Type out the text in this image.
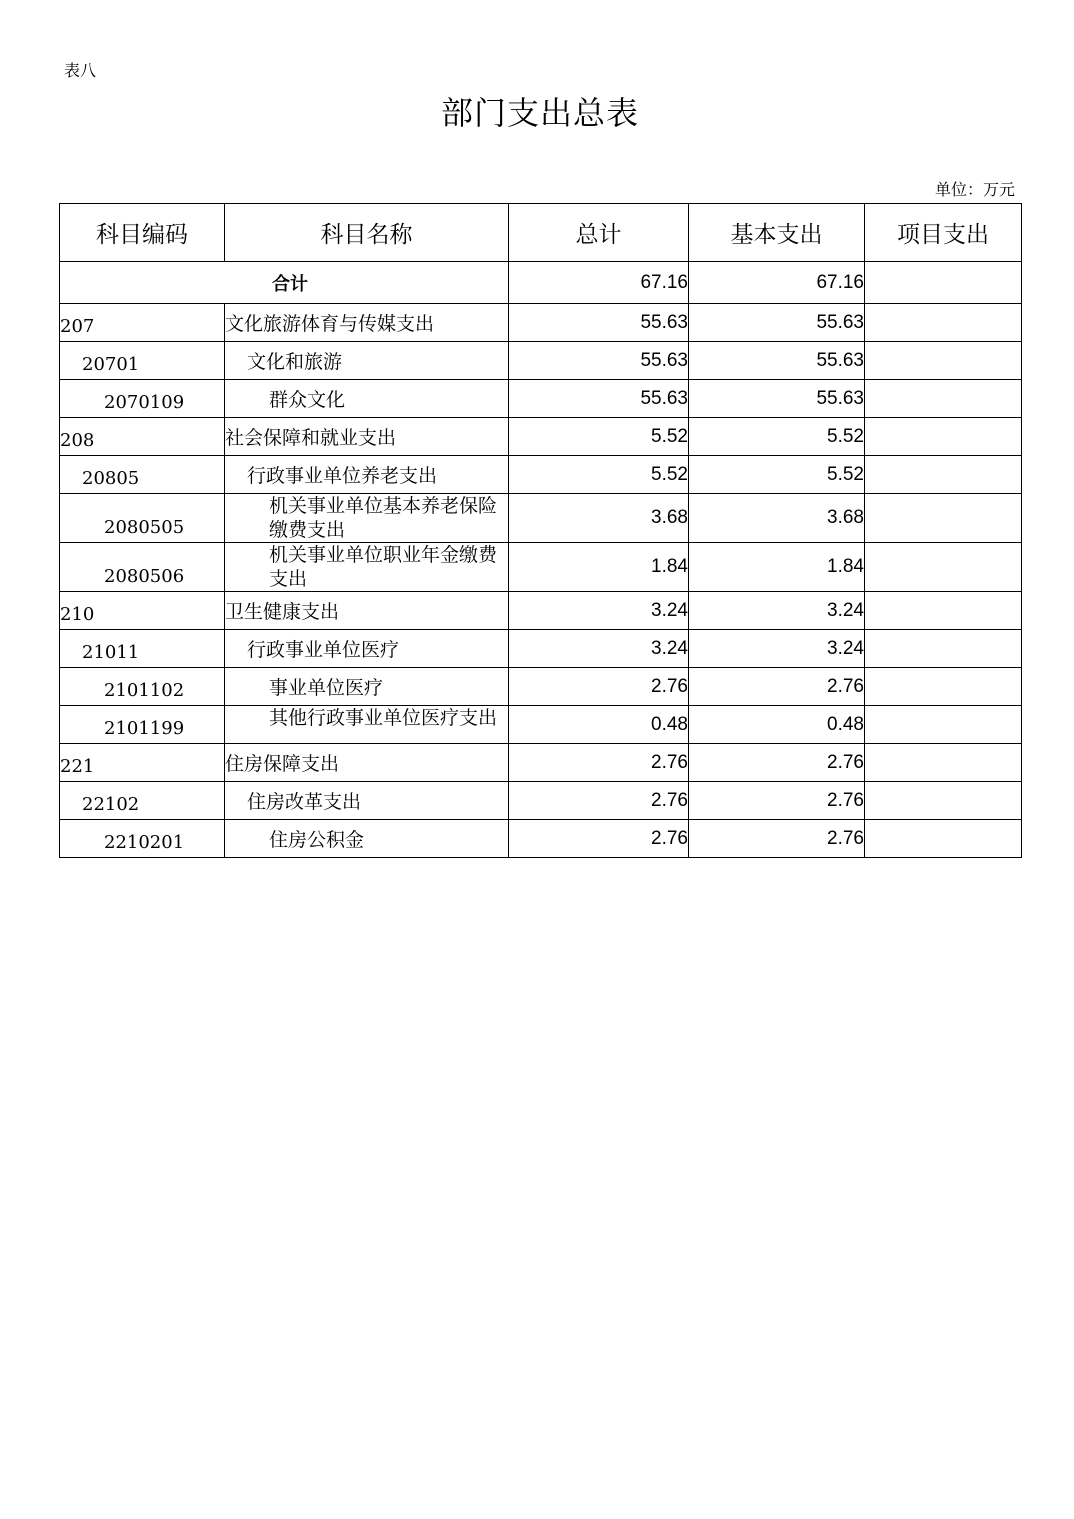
表八
部门支出总表
单位：万元
科目编码	科目名称	总计	基本支出	项目支出
合计		67.16	67.16	

207	文化旅游体育与传媒支出	55.63	55.63	

20701	文化和旅游	55.63	55.63	

2070109	群众文化	55.63	55.63	

208	社会保障和就业支出	5.52	5.52	

20805	行政事业单位养老支出	5.52	5.52	

2080505	机关事业单位基本养老保险缴费支出	3.68	3.68	

2080506	机关事业单位职业年金缴费支出	1.84	1.84	

210	卫生健康支出	3.24	3.24	

21011	行政事业单位医疗	3.24	3.24	

2101102	事业单位医疗	2.76	2.76	

2101199	其他行政事业单位医疗支出	0.48	0.48	

221	住房保障支出	2.76	2.76	

22102	住房改革支出	2.76	2.76	

2210201	住房公积金	2.76	2.76	
